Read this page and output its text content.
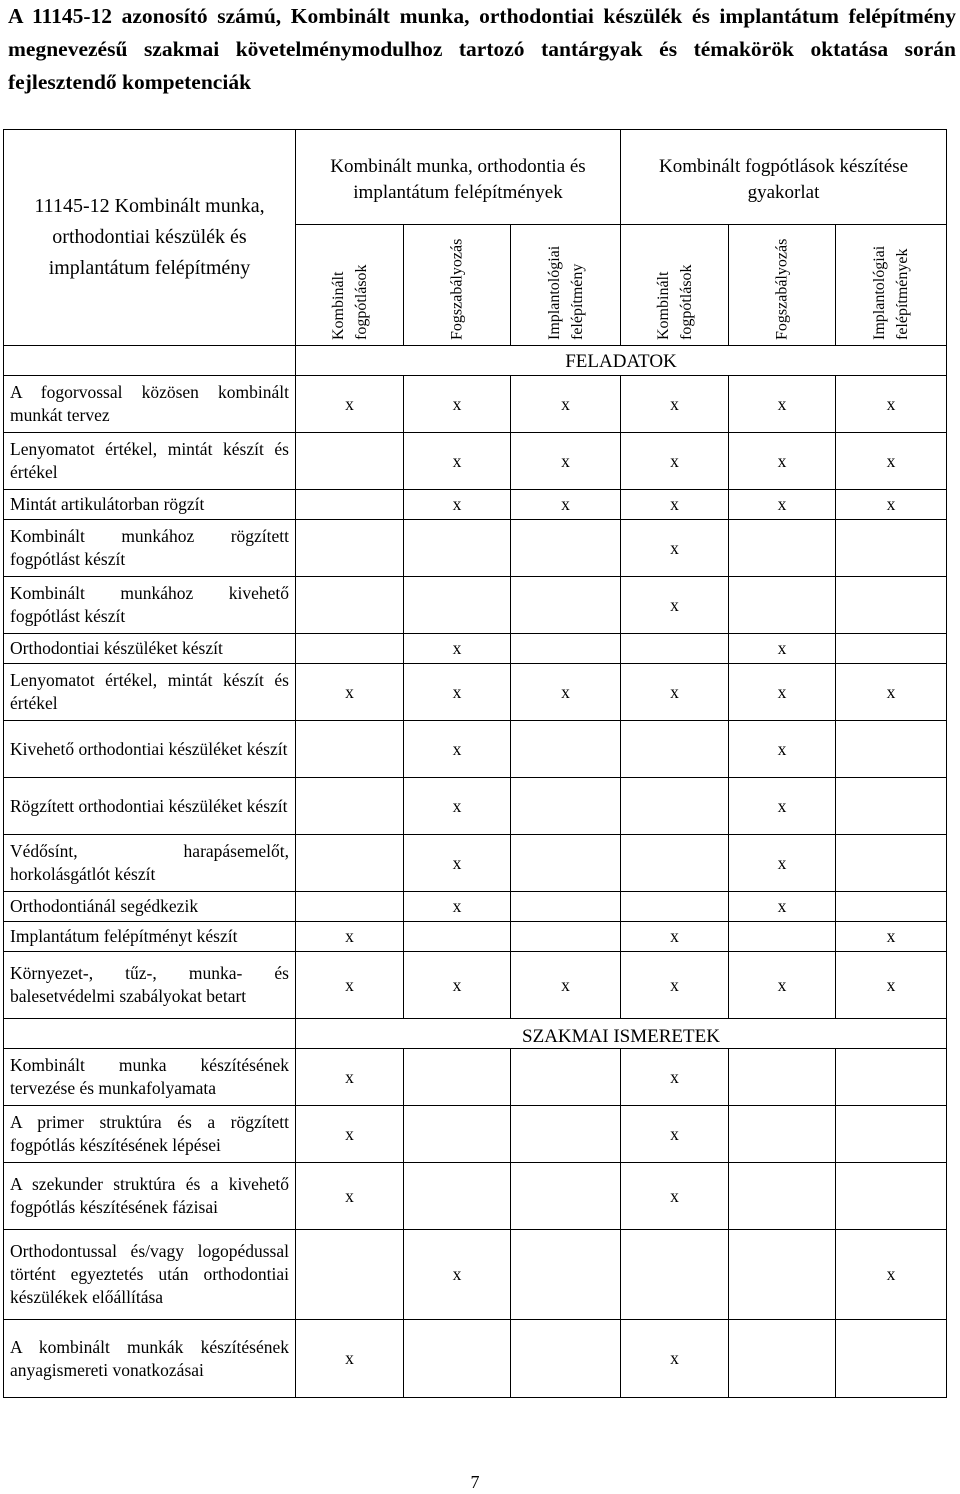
A 11145-12 azonosító számú, Kombinált munka, orthodontiai készülék és implantátum felépítmény megnevezésű szakmai követelménymodulhoz tartozó tantárgyak és témakörök oktatása során fejlesztendő kompetenciák
11145-12 Kombinált munka, orthodontiai készülék és implantátum felépítmény	Kombinált munka, orthodontia és implantátum felépítmények			Kombinált fogpótlások készítése gyakorlat		

	Kombinált fogpótlások	Fogszabályozás	Implantológiai felépítmény	Kombinált fogpótlások	Fogszabályozás	Implantológiai felépítmények

	FELADATOK					
A fogorvossal közösen kombinált munkát tervez	x	x	x	x	x	x
Lenyomatot értékel, mintát készít és értékel		x	x	x	x	x
Mintát artikulátorban rögzít		x	x	x	x	x
Kombinált munkához rögzített fogpótlást készít				x		
Kombinált munkához kivehető fogpótlást készít				x		
Orthodontiai készüléket készít		x			x	
Lenyomatot értékel, mintát készít és értékel	x	x	x	x	x	x
Kivehető orthodontiai készüléket készít		x			x	
Rögzített orthodontiai készüléket készít		x			x	
Védősínt, harapásemelőt, horkolásgátlót készít		x			x	
Orthodontiánál segédkezik		x			x	
Implantátum felépítményt készít	x			x		x
Környezet-, tűz-, munka- és balesetvédelmi szabályokat betart	x	x	x	x	x	x
	SZAKMAI ISMERETEK					
Kombinált munka készítésének tervezése és munkafolyamata	x			x		
A primer struktúra és a rögzített fogpótlás készítésének lépései	x			x		
A szekunder struktúra és a kivehető fogpótlás készítésének fázisai	x			x		
Orthodontussal és/vagy logopédussal történt egyeztetés után orthodontiai készülékek előállítása		x				x
A kombinált munkák készítésének anyagismereti vonatkozásai	x			x		
7
